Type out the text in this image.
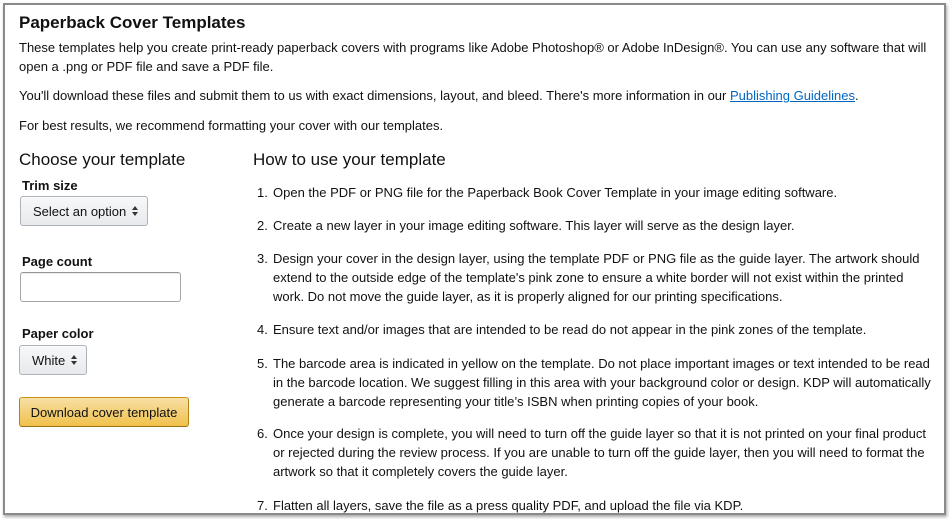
Paperback Cover Templates

These templates help you create print-ready paperback covers with programs like Adobe Photoshop® or Adobe InDesign®. You can use any software that will open a .png or PDF file and save a PDF file.

You'll download these files and submit them to us with exact dimensions, layout, and bleed. There's more information in our Publishing Guidelines.

For best results, we recommend formatting your cover with our templates.

Choose your template
Trim size
Select an option
Page count
Paper color
White
Download cover template
How to use your template
1. Open the PDF or PNG file for the Paperback Book Cover Template in your image editing software.
2. Create a new layer in your image editing software. This layer will serve as the design layer.
3. Design your cover in the design layer, using the template PDF or PNG file as the guide layer. The artwork should extend to the outside edge of the template's pink zone to ensure a white border will not exist within the printed work. Do not move the guide layer, as it is properly aligned for our printing specifications.
4. Ensure text and/or images that are intended to be read do not appear in the pink zones of the template.
5. The barcode area is indicated in yellow on the template. Do not place important images or text intended to be read in the barcode location. We suggest filling in this area with your background color or design. KDP will automatically generate a barcode representing your title’s ISBN when printing copies of your book.
6. Once your design is complete, you will need to turn off the guide layer so that it is not printed on your final product or rejected during the review process. If you are unable to turn off the guide layer, then you will need to format the artwork so that it completely covers the guide layer.
7. Flatten all layers, save the file as a press quality PDF, and upload the file via KDP.
